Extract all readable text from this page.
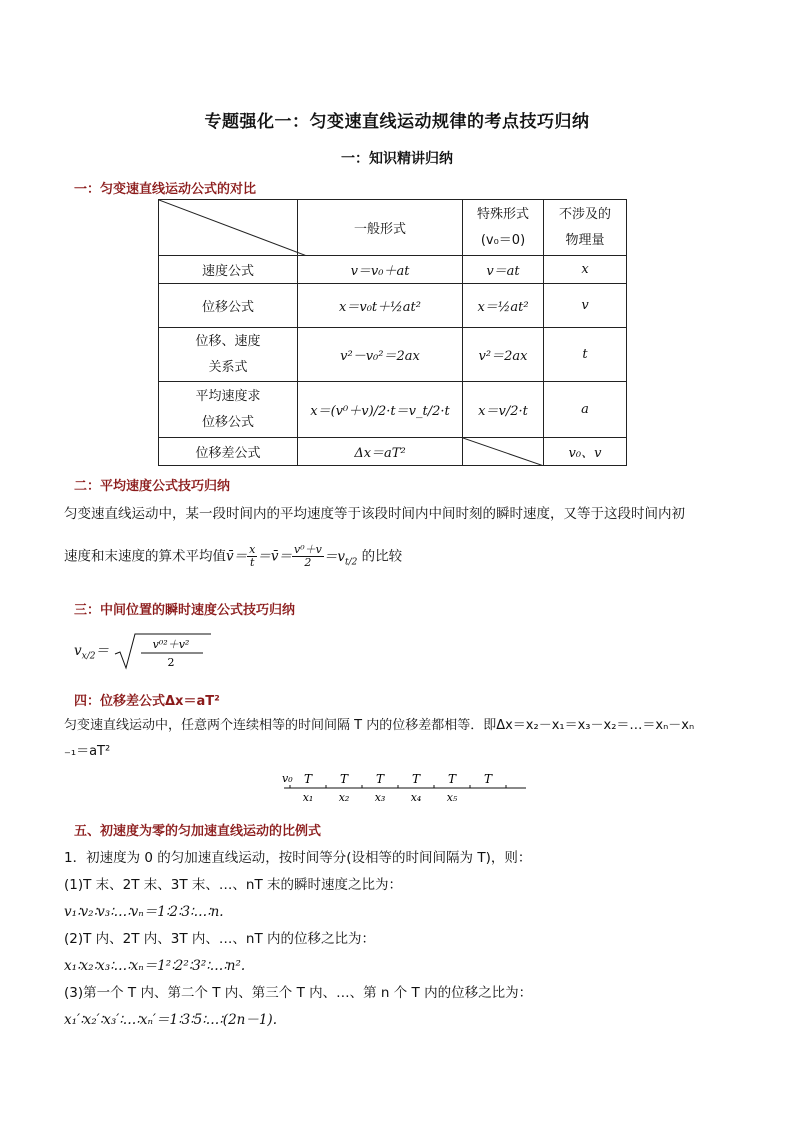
专题强化一：匀变速直线运动规律的考点技巧归纳
一：知识精讲归纳
一：匀变速直线运动公式的对比
	一般形式	特殊形式
(v₀＝0)	不涉及的
物理量
速度公式	v＝v₀＋at	v＝at	x
位移公式	x＝v₀t＋½at²	x＝½at²	v
位移、速度
关系式	v²－v₀²＝2ax	v²＝2ax	t
平均速度求
位移公式	x＝(v⁰＋v)/2·t＝v_t/2·t	x＝v/2·t	a
位移差公式	Δx＝aT²		v₀、v
二：平均速度公式技巧归纳
匀变速直线运动中，某一段时间内的平均速度等于该段时间内中间时刻的瞬时速度，又等于这段时间内初
速度和末速度的算术平均值v̄＝ $\frac{x}{t}$ ＝v̄＝ $\frac{\text{v⁰＋v}}{2} =v_{t/2}$ 的比较
三：中间位置的瞬时速度公式技巧归纳
$v_{x/2}=$	v⁰²＋v²
2
四：位移差公式Δx＝aT²
匀变速直线运动中，任意两个连续相等的时间间隔 T 内的位移差都相等．即Δx＝x₂－x₁＝x₃－x₂＝…＝xₙ－xₙ
₋₁＝aT²
v₀ T T T T T T
x₁ x₂ x₃ x₄ x₅
五、初速度为零的匀加速直线运动的比例式
1．初速度为 0 的匀加速直线运动，按时间等分(设相等的时间间隔为 T)，则：
(1)T 末、2T 末、3T 末、…、nT 末的瞬时速度之比为：
v₁∶v₂∶v₃∶…∶vₙ＝1∶2∶3∶…∶n.
(2)T 内、2T 内、3T 内、…、nT 内的位移之比为：
x₁∶x₂∶x₃∶…∶xₙ＝1²∶2²∶3²∶…∶n².
(3)第一个 T 内、第二个 T 内、第三个 T 内、…、第 n 个 T 内的位移之比为：
x₁′∶x₂′∶x₃′∶…∶xₙ′＝1∶3∶5∶…∶(2n－1).
